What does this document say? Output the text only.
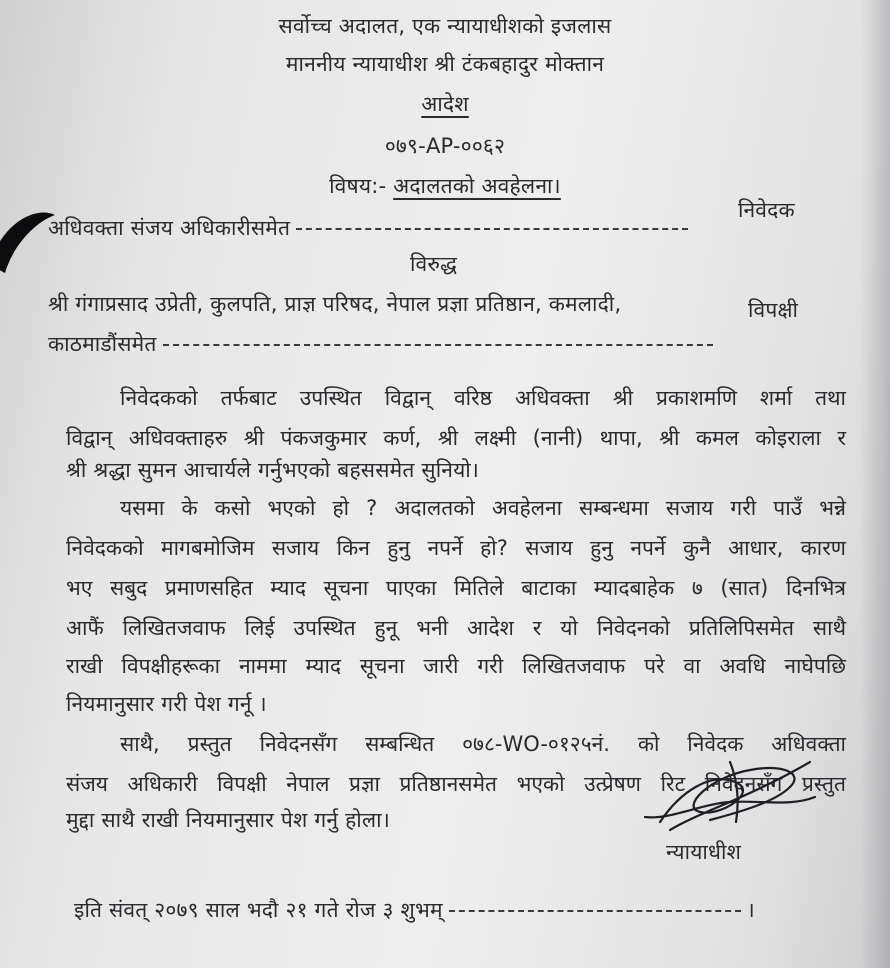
सर्वोच्च अदालत, एक न्यायाधीशको इजलास
माननीय न्यायाधीश श्री टंकबहादुर मोक्तान
आदेश
०७९-AP-००६२
विषय:- अदालतको अवहेलना।
अधिवक्ता संजय अधिकारीसमेत
निवेदक
विरुद्ध
श्री गंगाप्रसाद उप्रेती, कुलपति, प्राज्ञ परिषद, नेपाल प्रज्ञा प्रतिष्ठान, कमलादी,	विपक्षी
काठमाडौंसमेत
निवेदकको तर्फबाट उपस्थित विद्वान् वरिष्ठ अधिवक्ता श्री प्रकाशमणि शर्मा तथा
विद्वान् अधिवक्ताहरु श्री पंकजकुमार कर्ण, श्री लक्ष्मी (नानी) थापा, श्री कमल कोइराला र
श्री श्रद्धा सुमन आचार्यले गर्नुभएको बहससमेत सुनियो।
यसमा के कसो भएको हो ? अदालतको अवहेलना सम्बन्धमा सजाय गरी पाउँ भन्ने
निवेदकको मागबमोजिम सजाय किन हुनु नपर्ने हो? सजाय हुनु नपर्ने कुनै आधार, कारण
भए सबुद प्रमाणसहित म्याद सूचना पाएका मितिले बाटाका म्यादबाहेक ७ (सात) दिनभित्र
आफैं लिखितजवाफ लिई उपस्थित हुनू भनी आदेश र यो निवेदनको प्रतिलिपिसमेत साथै
राखी विपक्षीहरूका नाममा म्याद सूचना जारी गरी लिखितजवाफ परे वा अवधि नाघेपछि
नियमानुसार गरी पेश गर्नू ।
साथै, प्रस्तुत निवेदनसँग सम्बन्धित ०७८-WO-०१२५नं. को निवेदक अधिवक्ता
संजय अधिकारी विपक्षी नेपाल प्रज्ञा प्रतिष्ठानसमेत भएको उत्प्रेषण रिट निवेदनसँग प्रस्तुत
मुद्दा साथै राखी नियमानुसार पेश गर्नु होला।
न्यायाधीश
इति संवत् २०७९ साल भदौ २१ गते रोज ३ शुभम्	।
